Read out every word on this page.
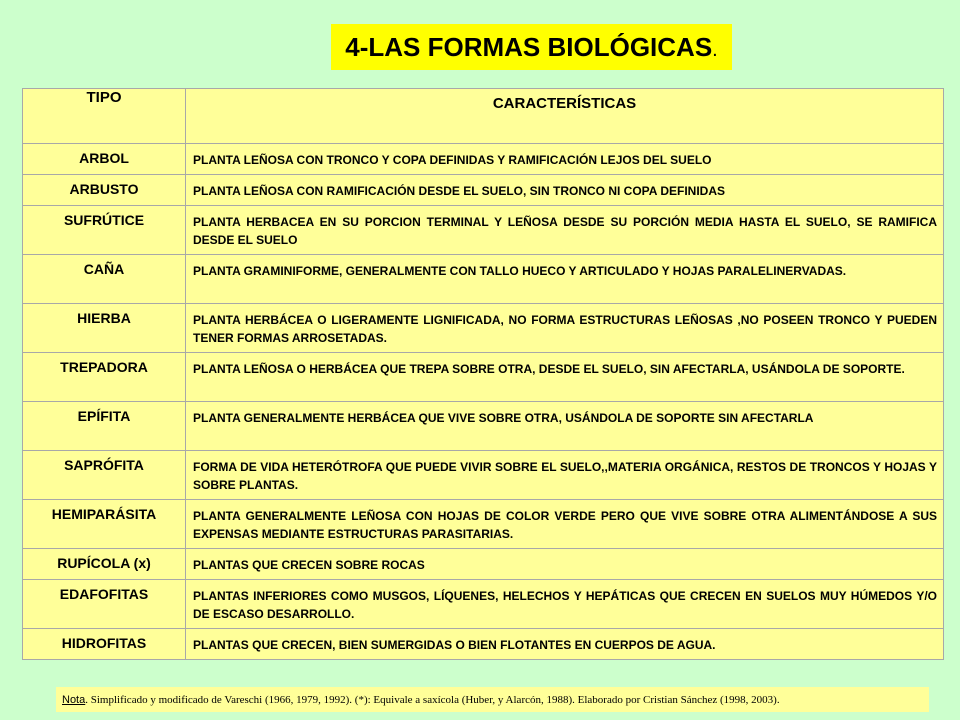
4-LAS FORMAS BIOLÓGICAS.
TIPO	CARACTERÍSTICAS
ARBOL	PLANTA LEÑOSA CON TRONCO Y COPA DEFINIDAS Y RAMIFICACIÓN LEJOS DEL SUELO
ARBUSTO	PLANTA LEÑOSA CON RAMIFICACIÓN DESDE EL SUELO, SIN TRONCO NI COPA DEFINIDAS
SUFRÚTICE	PLANTA HERBACEA EN SU PORCION TERMINAL Y LEÑOSA DESDE SU PORCIÓN MEDIA HASTA EL SUELO, SE RAMIFICA DESDE EL SUELO
CAÑA	PLANTA GRAMINIFORME, GENERALMENTE CON TALLO HUECO Y ARTICULADO Y HOJAS PARALELINERVADAS.
HIERBA	PLANTA HERBÁCEA O LIGERAMENTE LIGNIFICADA, NO FORMA ESTRUCTURAS LEÑOSAS ,NO POSEEN TRONCO Y PUEDEN TENER FORMAS ARROSETADAS.
TREPADORA	PLANTA LEÑOSA O HERBÁCEA QUE TREPA SOBRE OTRA, DESDE EL SUELO, SIN AFECTARLA, USÁNDOLA DE SOPORTE.
EPÍFITA	PLANTA GENERALMENTE HERBÁCEA QUE VIVE SOBRE OTRA, USÁNDOLA DE SOPORTE SIN AFECTARLA
SAPRÓFITA	FORMA DE VIDA HETERÓTROFA QUE PUEDE VIVIR SOBRE EL SUELO,,MATERIA ORGÁNICA, RESTOS DE TRONCOS Y HOJAS Y SOBRE PLANTAS.
HEMIPARÁSITA	PLANTA GENERALMENTE LEÑOSA CON HOJAS DE COLOR VERDE PERO QUE VIVE SOBRE OTRA ALIMENTÁNDOSE A SUS EXPENSAS MEDIANTE ESTRUCTURAS PARASITARIAS.
RUPÍCOLA (x)	PLANTAS QUE CRECEN SOBRE ROCAS
EDAFOFITAS	PLANTAS INFERIORES COMO MUSGOS, LÍQUENES, HELECHOS Y HEPÁTICAS QUE CRECEN EN SUELOS MUY HÚMEDOS Y/O DE ESCASO DESARROLLO.
HIDROFITAS	PLANTAS QUE CRECEN, BIEN SUMERGIDAS O BIEN FLOTANTES EN CUERPOS DE AGUA.
Nota . Simplificado y modificado de Vareschi (1966, 1979, 1992). (*): Equivale a saxícola (Huber, y Alarcón, 1988). Elaborado por Cristian Sánchez (1998, 2003).
